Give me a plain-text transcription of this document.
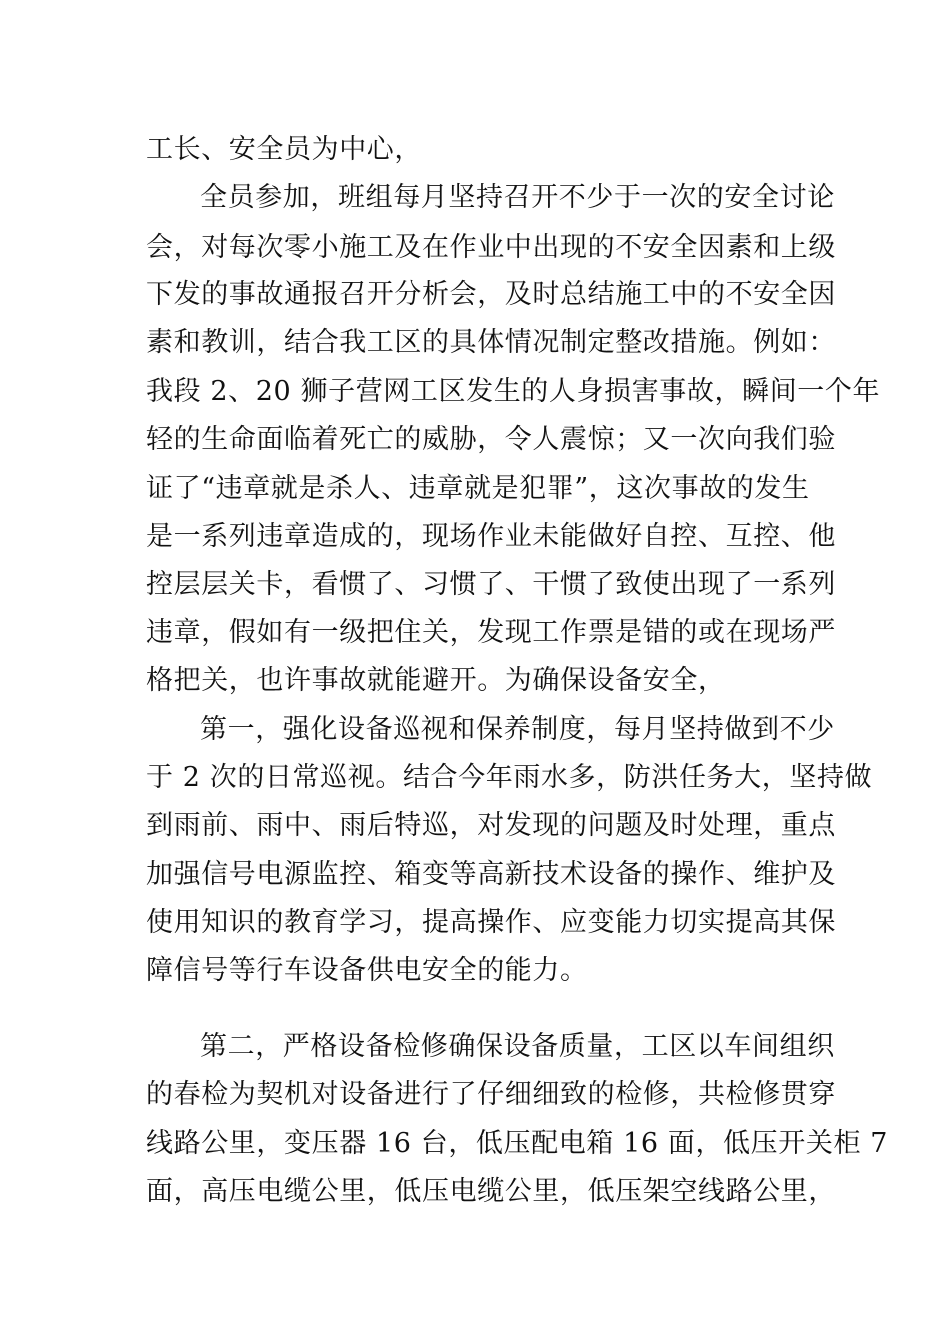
工长、安全员为中心，
全员参加，班组每月坚持召开不少于一次的安全讨论
会，对每次零小施工及在作业中出现的不安全因素和上级
下发的事故通报召开分析会，及时总结施工中的不安全因
素和教训，结合我工区的具体情况制定整改措施。例如：
我段 2、20 狮子营网工区发生的人身损害事故，瞬间一个年
轻的生命面临着死亡的威胁，令人震惊；又一次向我们验
证了“违章就是杀人、违章就是犯罪”，这次事故的发生
是一系列违章造成的，现场作业未能做好自控、互控、他
控层层关卡，看惯了、习惯了、干惯了致使出现了一系列
违章，假如有一级把住关，发现工作票是错的或在现场严
格把关，也许事故就能避开。为确保设备安全，
第一，强化设备巡视和保养制度，每月坚持做到不少
于 2 次的日常巡视。结合今年雨水多，防洪任务大，坚持做
到雨前、雨中、雨后特巡，对发现的问题及时处理，重点
加强信号电源监控、箱变等高新技术设备的操作、维护及
使用知识的教育学习，提高操作、应变能力切实提高其保
障信号等行车设备供电安全的能力。
第二，严格设备检修确保设备质量，工区以车间组织
的春检为契机对设备进行了仔细细致的检修，共检修贯穿
线路公里，变压器 16 台，低压配电箱 16 面，低压开关柜 7
面，高压电缆公里，低压电缆公里，低压架空线路公里，
